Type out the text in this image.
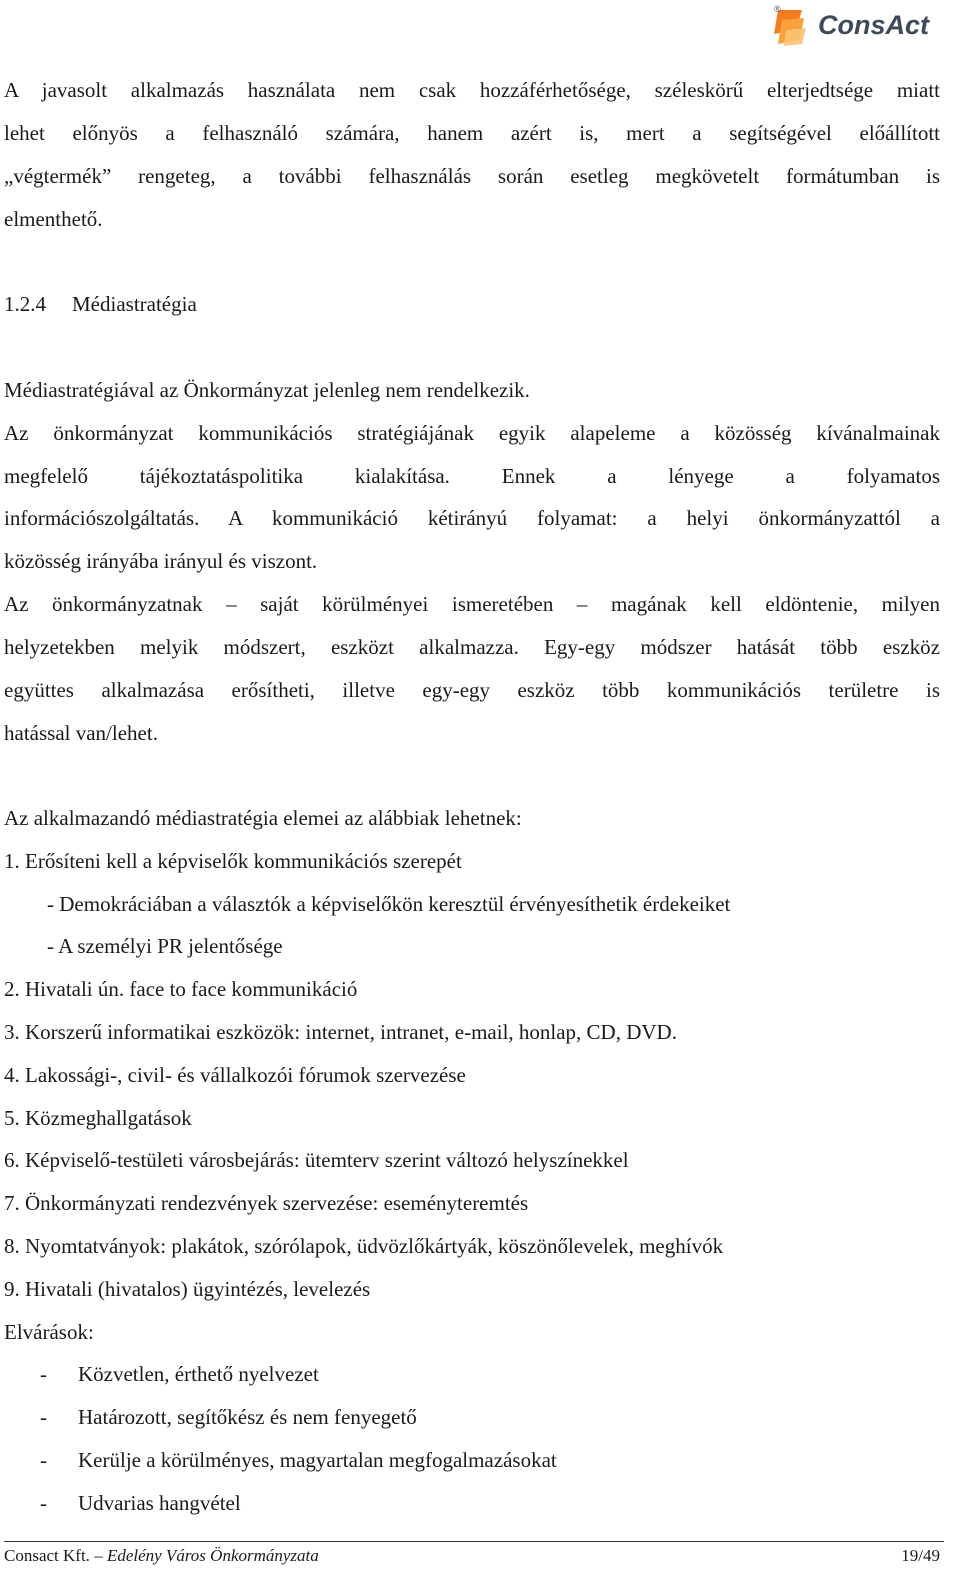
®
ConsAct
A javasolt alkalmazás használata nem csak hozzáférhetősége, széleskörű elterjedtsége miatt
lehet előnyös a felhasználó számára, hanem azért is, mert a segítségével előállított
„végtermék” rengeteg, a további felhasználás során esetleg megkövetelt formátumban is
elmenthető.
1.2.4 Médiastratégia
Médiastratégiával az Önkormányzat jelenleg nem rendelkezik.
Az önkormányzat kommunikációs stratégiájának egyik alapeleme a közösség kívánalmainak
megfelelő tájékoztatáspolitika kialakítása. Ennek a lényege a folyamatos
információszolgáltatás. A kommunikáció kétirányú folyamat: a helyi önkormányzattól a
közösség irányába irányul és viszont.
Az önkormányzatnak – saját körülményei ismeretében – magának kell eldöntenie, milyen
helyzetekben melyik módszert, eszközt alkalmazza. Egy-egy módszer hatását több eszköz
együttes alkalmazása erősítheti, illetve egy-egy eszköz több kommunikációs területre is
hatással van/lehet.
Az alkalmazandó médiastratégia elemei az alábbiak lehetnek:
1. Erősíteni kell a képviselők kommunikációs szerepét
- Demokráciában a választók a képviselőkön keresztül érvényesíthetik érdekeiket
- A személyi PR jelentősége
2. Hivatali ún. face to face kommunikáció
3. Korszerű informatikai eszközök: internet, intranet, e-mail, honlap, CD, DVD.
4. Lakossági-, civil- és vállalkozói fórumok szervezése
5. Közmeghallgatások
6. Képviselő-testületi városbejárás: ütemterv szerint változó helyszínekkel
7. Önkormányzati rendezvények szervezése: eseményteremtés
8. Nyomtatványok: plakátok, szórólapok, üdvözlőkártyák, köszönőlevelek, meghívók
9. Hivatali (hivatalos) ügyintézés, levelezés
Elvárások:
- Közvetlen, érthető nyelvezet
- Határozott, segítőkész és nem fenyegető
- Kerülje a körülményes, magyartalan megfogalmazásokat
- Udvarias hangvétel
Consact Kft. – Edelény Város Önkormányzata	19/49
